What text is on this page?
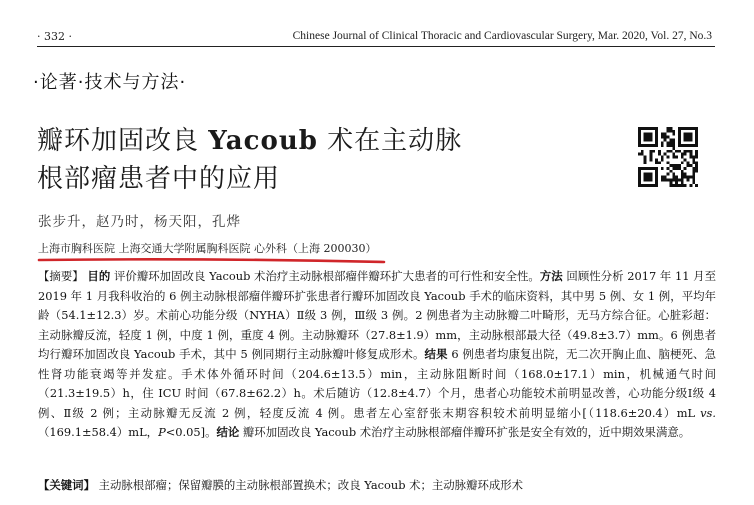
· 332 ·	Chinese Journal of Clinical Thoracic and Cardiovascular Surgery, Mar. 2020, Vol. 27, No.3
·论著·技术与方法·
瓣环加固改良 Yacoub 术在主动脉
根部瘤患者中的应用
张步升，赵乃时，杨天阳，孔烨
上海市胸科医院 上海交通大学附属胸科医院 心外科（上海 200030）
【摘要】 目的 评价瓣环加固改良 Yacoub 术治疗主动脉根部瘤伴瓣环扩大患者的可行性和安全性。方法 回顾性分析 2017 年 11 月至 2019 年 1 月我科收治的 6 例主动脉根部瘤伴瓣环扩张患者行瓣环加固改良 Yacoub 手术的临床资料，其中男 5 例、女 1 例，平均年龄（54.1±12.3）岁。术前心功能分级（NYHA）Ⅱ级 3 例，Ⅲ级 3 例。2 例患者为主动脉瓣二叶畸形，无马方综合征。心脏彩超：主动脉瓣反流，轻度 1 例，中度 1 例，重度 4 例。主动脉瓣环（27.8±1.9）mm，主动脉根部最大径（49.8±3.7）mm。6 例患者均行瓣环加固改良 Yacoub 手术，其中 5 例同期行主动脉瓣叶修复成形术。结果 6 例患者均康复出院，无二次开胸止血、脑梗死、急性肾功能衰竭等并发症。手术体外循环时间（204.6±13.5）min，主动脉阻断时间（168.0±17.1）min，机械通气时间（21.3±19.5）h，住 ICU 时间（67.8±62.2）h。术后随访（12.8±4.7）个月，患者心功能较术前明显改善，心功能分级Ⅰ级 4 例、Ⅱ级 2 例；主动脉瓣无反流 2 例，轻度反流 4 例。患者左心室舒张末期容积较术前明显缩小[（118.6±20.4）mL vs.（169.1±58.4）mL，P<0.05]。结论 瓣环加固改良 Yacoub 术治疗主动脉根部瘤伴瓣环扩张是安全有效的，近中期效果满意。
【关键词】 主动脉根部瘤；保留瓣膜的主动脉根部置换术；改良 Yacoub 术；主动脉瓣环成形术
